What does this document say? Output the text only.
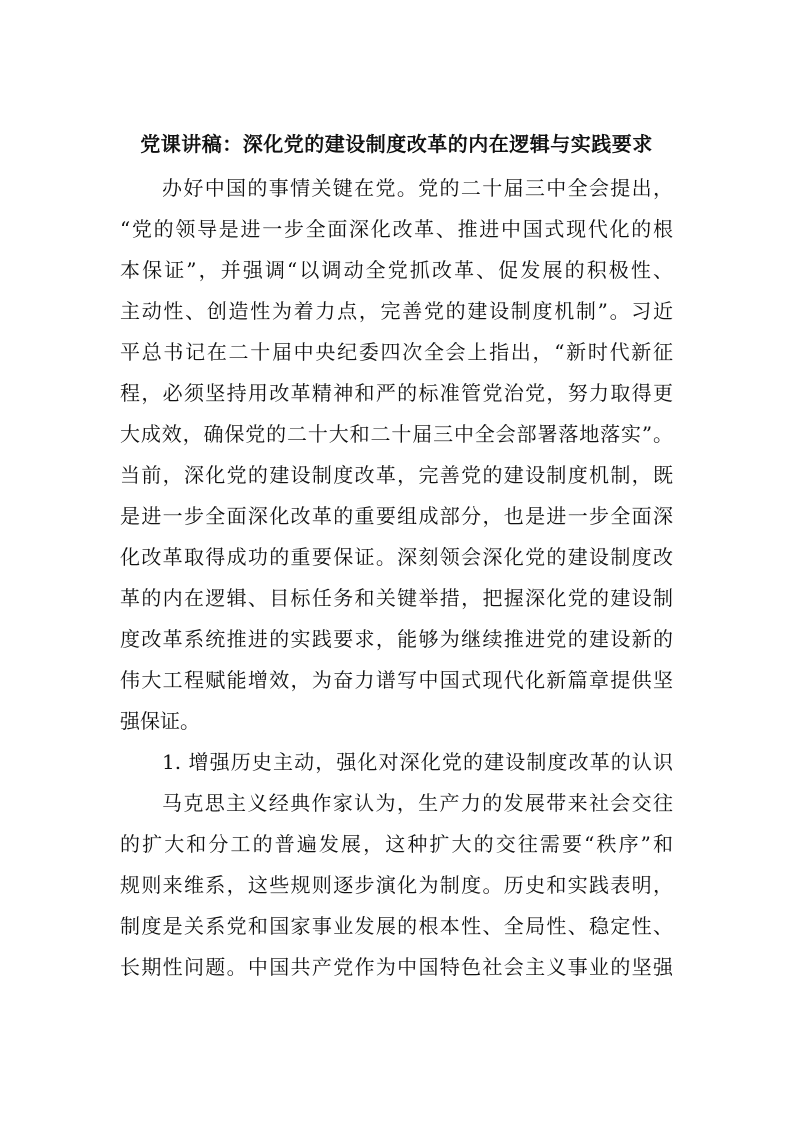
党课讲稿：深化党的建设制度改革的内在逻辑与实践要求
办好中国的事情关键在党。党的二十届三中全会提出，
“党的领导是进一步全面深化改革、推进中国式现代化的根
本保证”，并强调“以调动全党抓改革、促发展的积极性、
主动性、创造性为着力点，完善党的建设制度机制”。习近
平总书记在二十届中央纪委四次全会上指出，“新时代新征
程，必须坚持用改革精神和严的标准管党治党，努力取得更
大成效，确保党的二十大和二十届三中全会部署落地落实”。
当前，深化党的建设制度改革，完善党的建设制度机制，既
是进一步全面深化改革的重要组成部分，也是进一步全面深
化改革取得成功的重要保证。深刻领会深化党的建设制度改
革的内在逻辑、目标任务和关键举措，把握深化党的建设制
度改革系统推进的实践要求，能够为继续推进党的建设新的
伟大工程赋能增效，为奋力谱写中国式现代化新篇章提供坚
强保证。
1. 增强历史主动，强化对深化党的建设制度改革的认识
马克思主义经典作家认为，生产力的发展带来社会交往
的扩大和分工的普遍发展，这种扩大的交往需要“秩序”和
规则来维系，这些规则逐步演化为制度。历史和实践表明，
制度是关系党和国家事业发展的根本性、全局性、稳定性、
长期性问题。中国共产党作为中国特色社会主义事业的坚强
